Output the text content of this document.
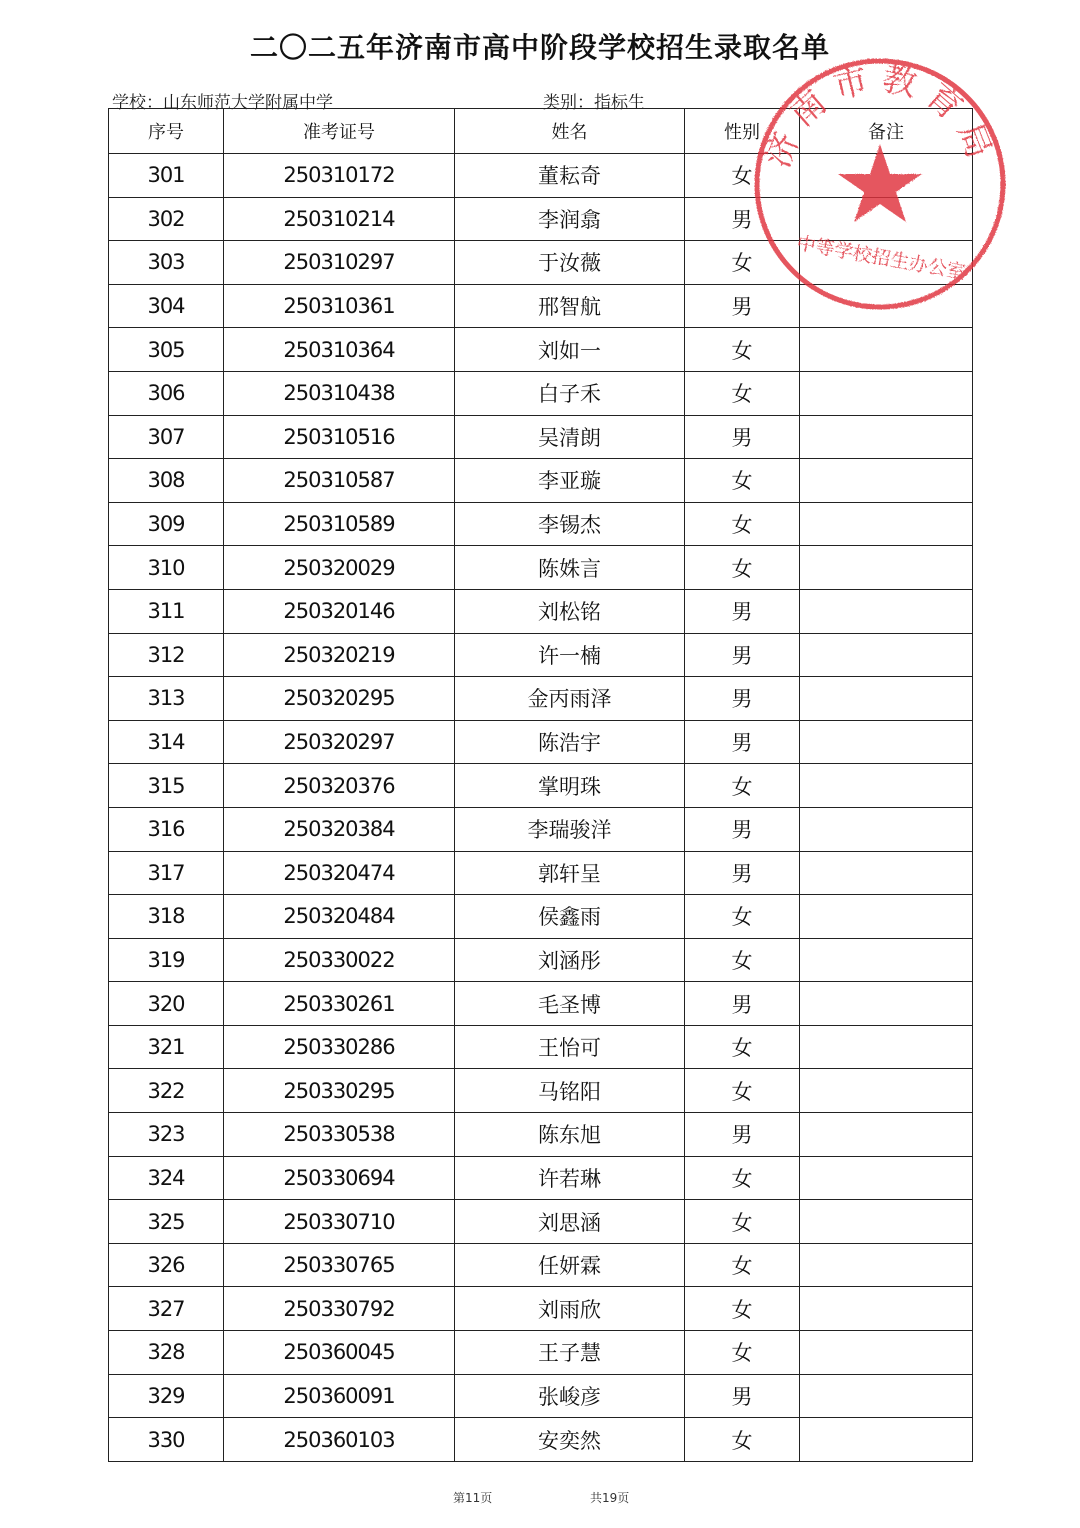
二〇二五年济南市高中阶段学校招生录取名单
学校：山东师范大学附属中学	类别：指标生
序号	准考证号	姓名	性别	备注
301	250310172	董耘奇	女	
302	250310214	李润翕	男	
303	250310297	于汝薇	女	
304	250310361	邢智航	男	
305	250310364	刘如一	女	
306	250310438	白子禾	女	
307	250310516	吴清朗	男	
308	250310587	李亚璇	女	
309	250310589	李锡杰	女	
310	250320029	陈姝言	女	
311	250320146	刘松铭	男	
312	250320219	许一楠	男	
313	250320295	金丙雨泽	男	
314	250320297	陈浩宇	男	
315	250320376	掌明珠	女	
316	250320384	李瑞骏洋	男	
317	250320474	郭轩呈	男	
318	250320484	侯鑫雨	女	
319	250330022	刘涵彤	女	
320	250330261	毛圣博	男	
321	250330286	王怡可	女	
322	250330295	马铭阳	女	
323	250330538	陈东旭	男	
324	250330694	许若琳	女	
325	250330710	刘思涵	女	
326	250330765	任妍霖	女	
327	250330792	刘雨欣	女	
328	250360045	王子慧	女	
329	250360091	张峻彦	男	
330	250360103	安奕然	女	
济南市教育局
中等学校招生办公室
第11页	共19页
